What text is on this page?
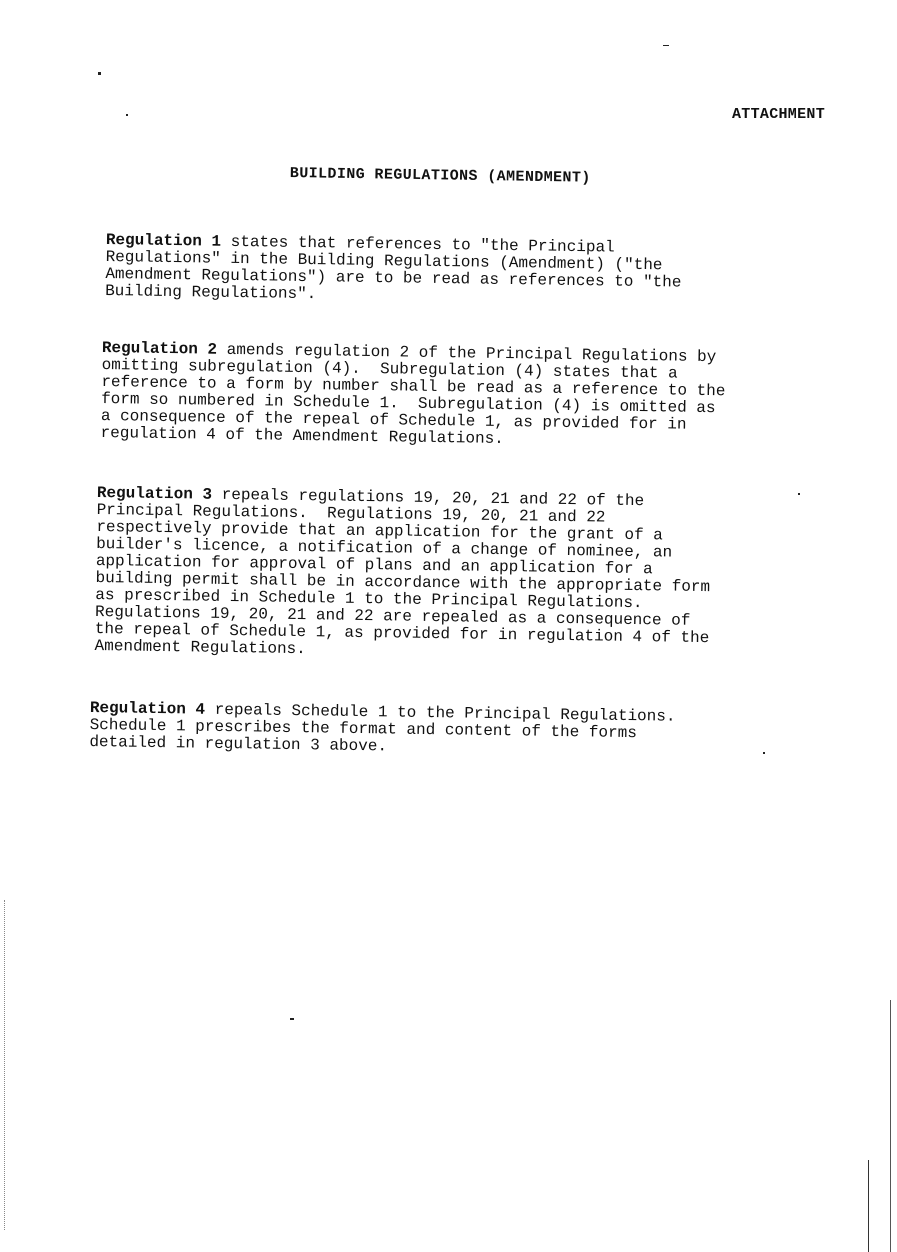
ATTACHMENT
BUILDING REGULATIONS (AMENDMENT)
Regulation 1 states that references to "the Principal
Regulations" in the Building Regulations (Amendment) ("the
Amendment Regulations") are to be read as references to "the
Building Regulations".
Regulation 2 amends regulation 2 of the Principal Regulations by
omitting subregulation (4).  Subregulation (4) states that a
reference to a form by number shall be read as a reference to the
form so numbered in Schedule 1.  Subregulation (4) is omitted as
a consequence of the repeal of Schedule 1, as provided for in
regulation 4 of the Amendment Regulations.
Regulation 3 repeals regulations 19, 20, 21 and 22 of the
Principal Regulations.  Regulations 19, 20, 21 and 22
respectively provide that an application for the grant of a
builder's licence, a notification of a change of nominee, an
application for approval of plans and an application for a
building permit shall be in accordance with the appropriate form
as prescribed in Schedule 1 to the Principal Regulations.
Regulations 19, 20, 21 and 22 are repealed as a consequence of
the repeal of Schedule 1, as provided for in regulation 4 of the
Amendment Regulations.
Regulation 4 repeals Schedule 1 to the Principal Regulations.
Schedule 1 prescribes the format and content of the forms
detailed in regulation 3 above.
